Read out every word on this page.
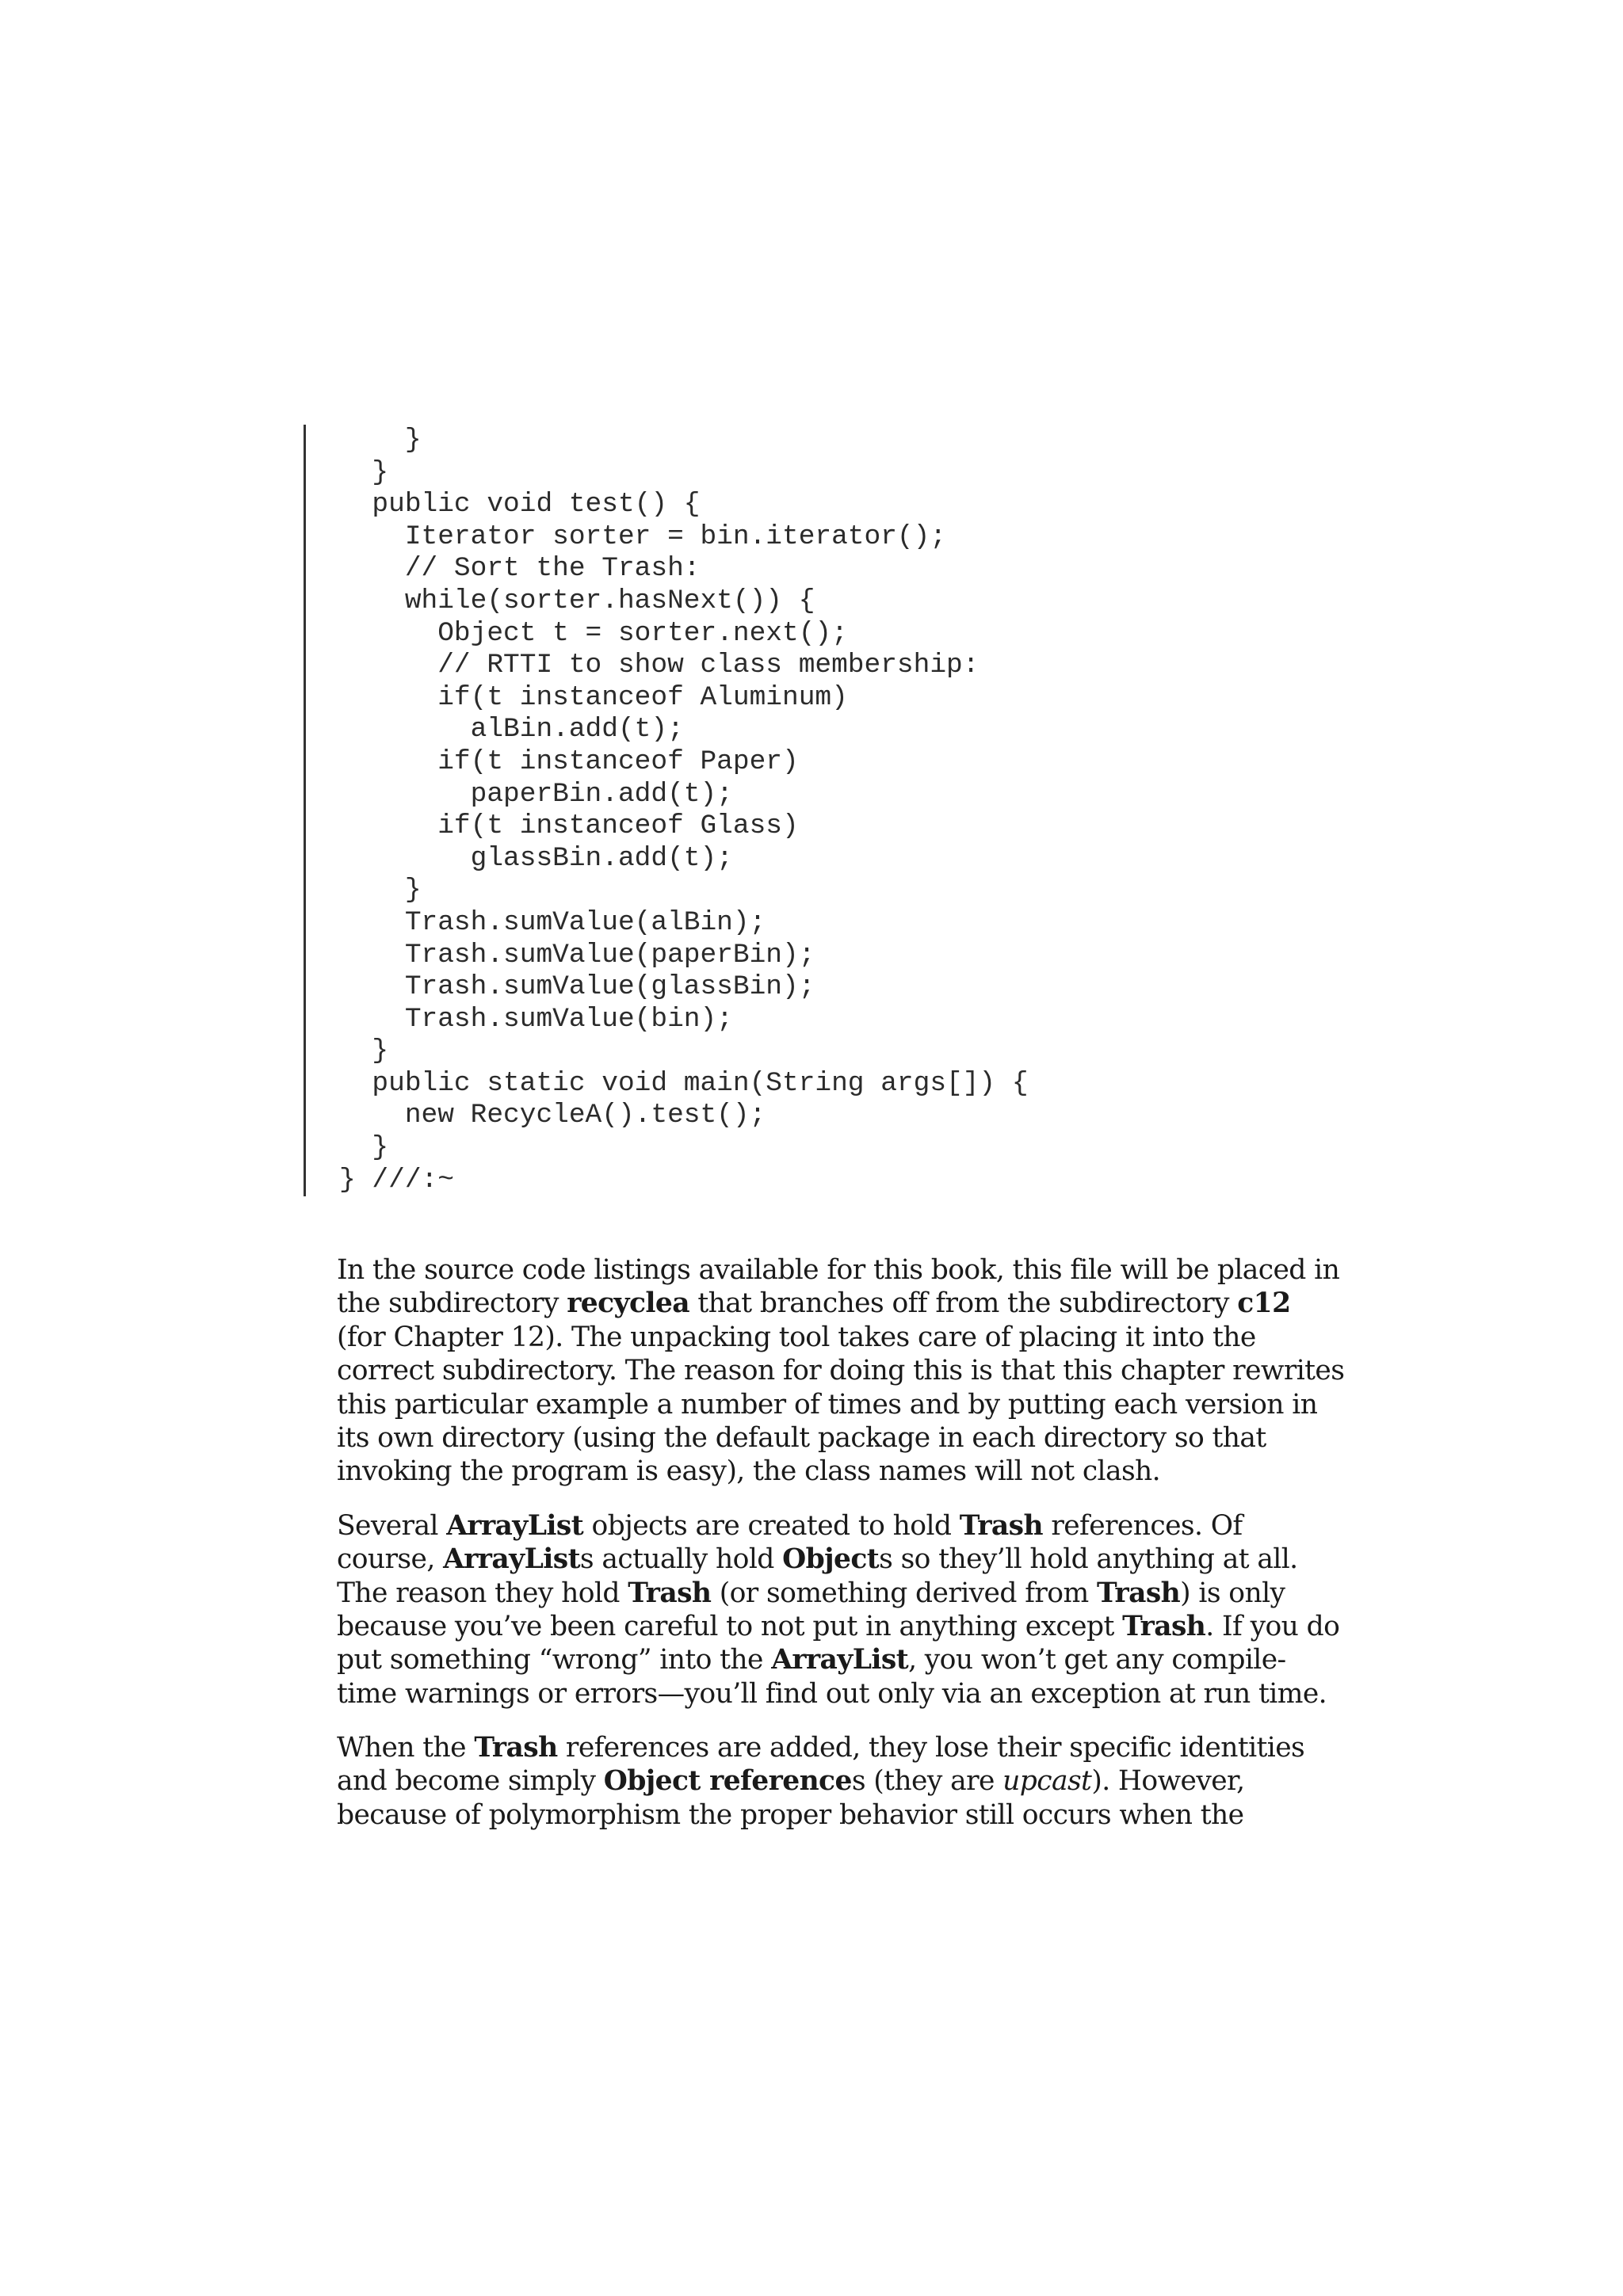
}
}
public void test() {
Iterator sorter = bin.iterator();
// Sort the Trash:
while(sorter.hasNext()) {
Object t = sorter.next();
// RTTI to show class membership:
if(t instanceof Aluminum)
alBin.add(t);
if(t instanceof Paper)
paperBin.add(t);
if(t instanceof Glass)
glassBin.add(t);
}
Trash.sumValue(alBin);
Trash.sumValue(paperBin);
Trash.sumValue(glassBin);
Trash.sumValue(bin);
}
public static void main(String args[]) {
new RecycleA().test();
}
} ///:~
In the source code listings available for this book, this file will be placed in
the subdirectory recyclea that branches off from the subdirectory c12
(for Chapter 12). The unpacking tool takes care of placing it into the
correct subdirectory. The reason for doing this is that this chapter rewrites
this particular example a number of times and by putting each version in
its own directory (using the default package in each directory so that
invoking the program is easy), the class names will not clash.
Several ArrayList objects are created to hold Trash references. Of
course, ArrayLists actually hold Objects so they’ll hold anything at all.
The reason they hold Trash (or something derived from Trash) is only
because you’ve been careful to not put in anything except Trash. If you do
put something “wrong” into the ArrayList, you won’t get any compile-
time warnings or errors—you’ll find out only via an exception at run time.
When the Trash references are added, they lose their specific identities
and become simply Object references (they are upcast). However,
because of polymorphism the proper behavior still occurs when the
